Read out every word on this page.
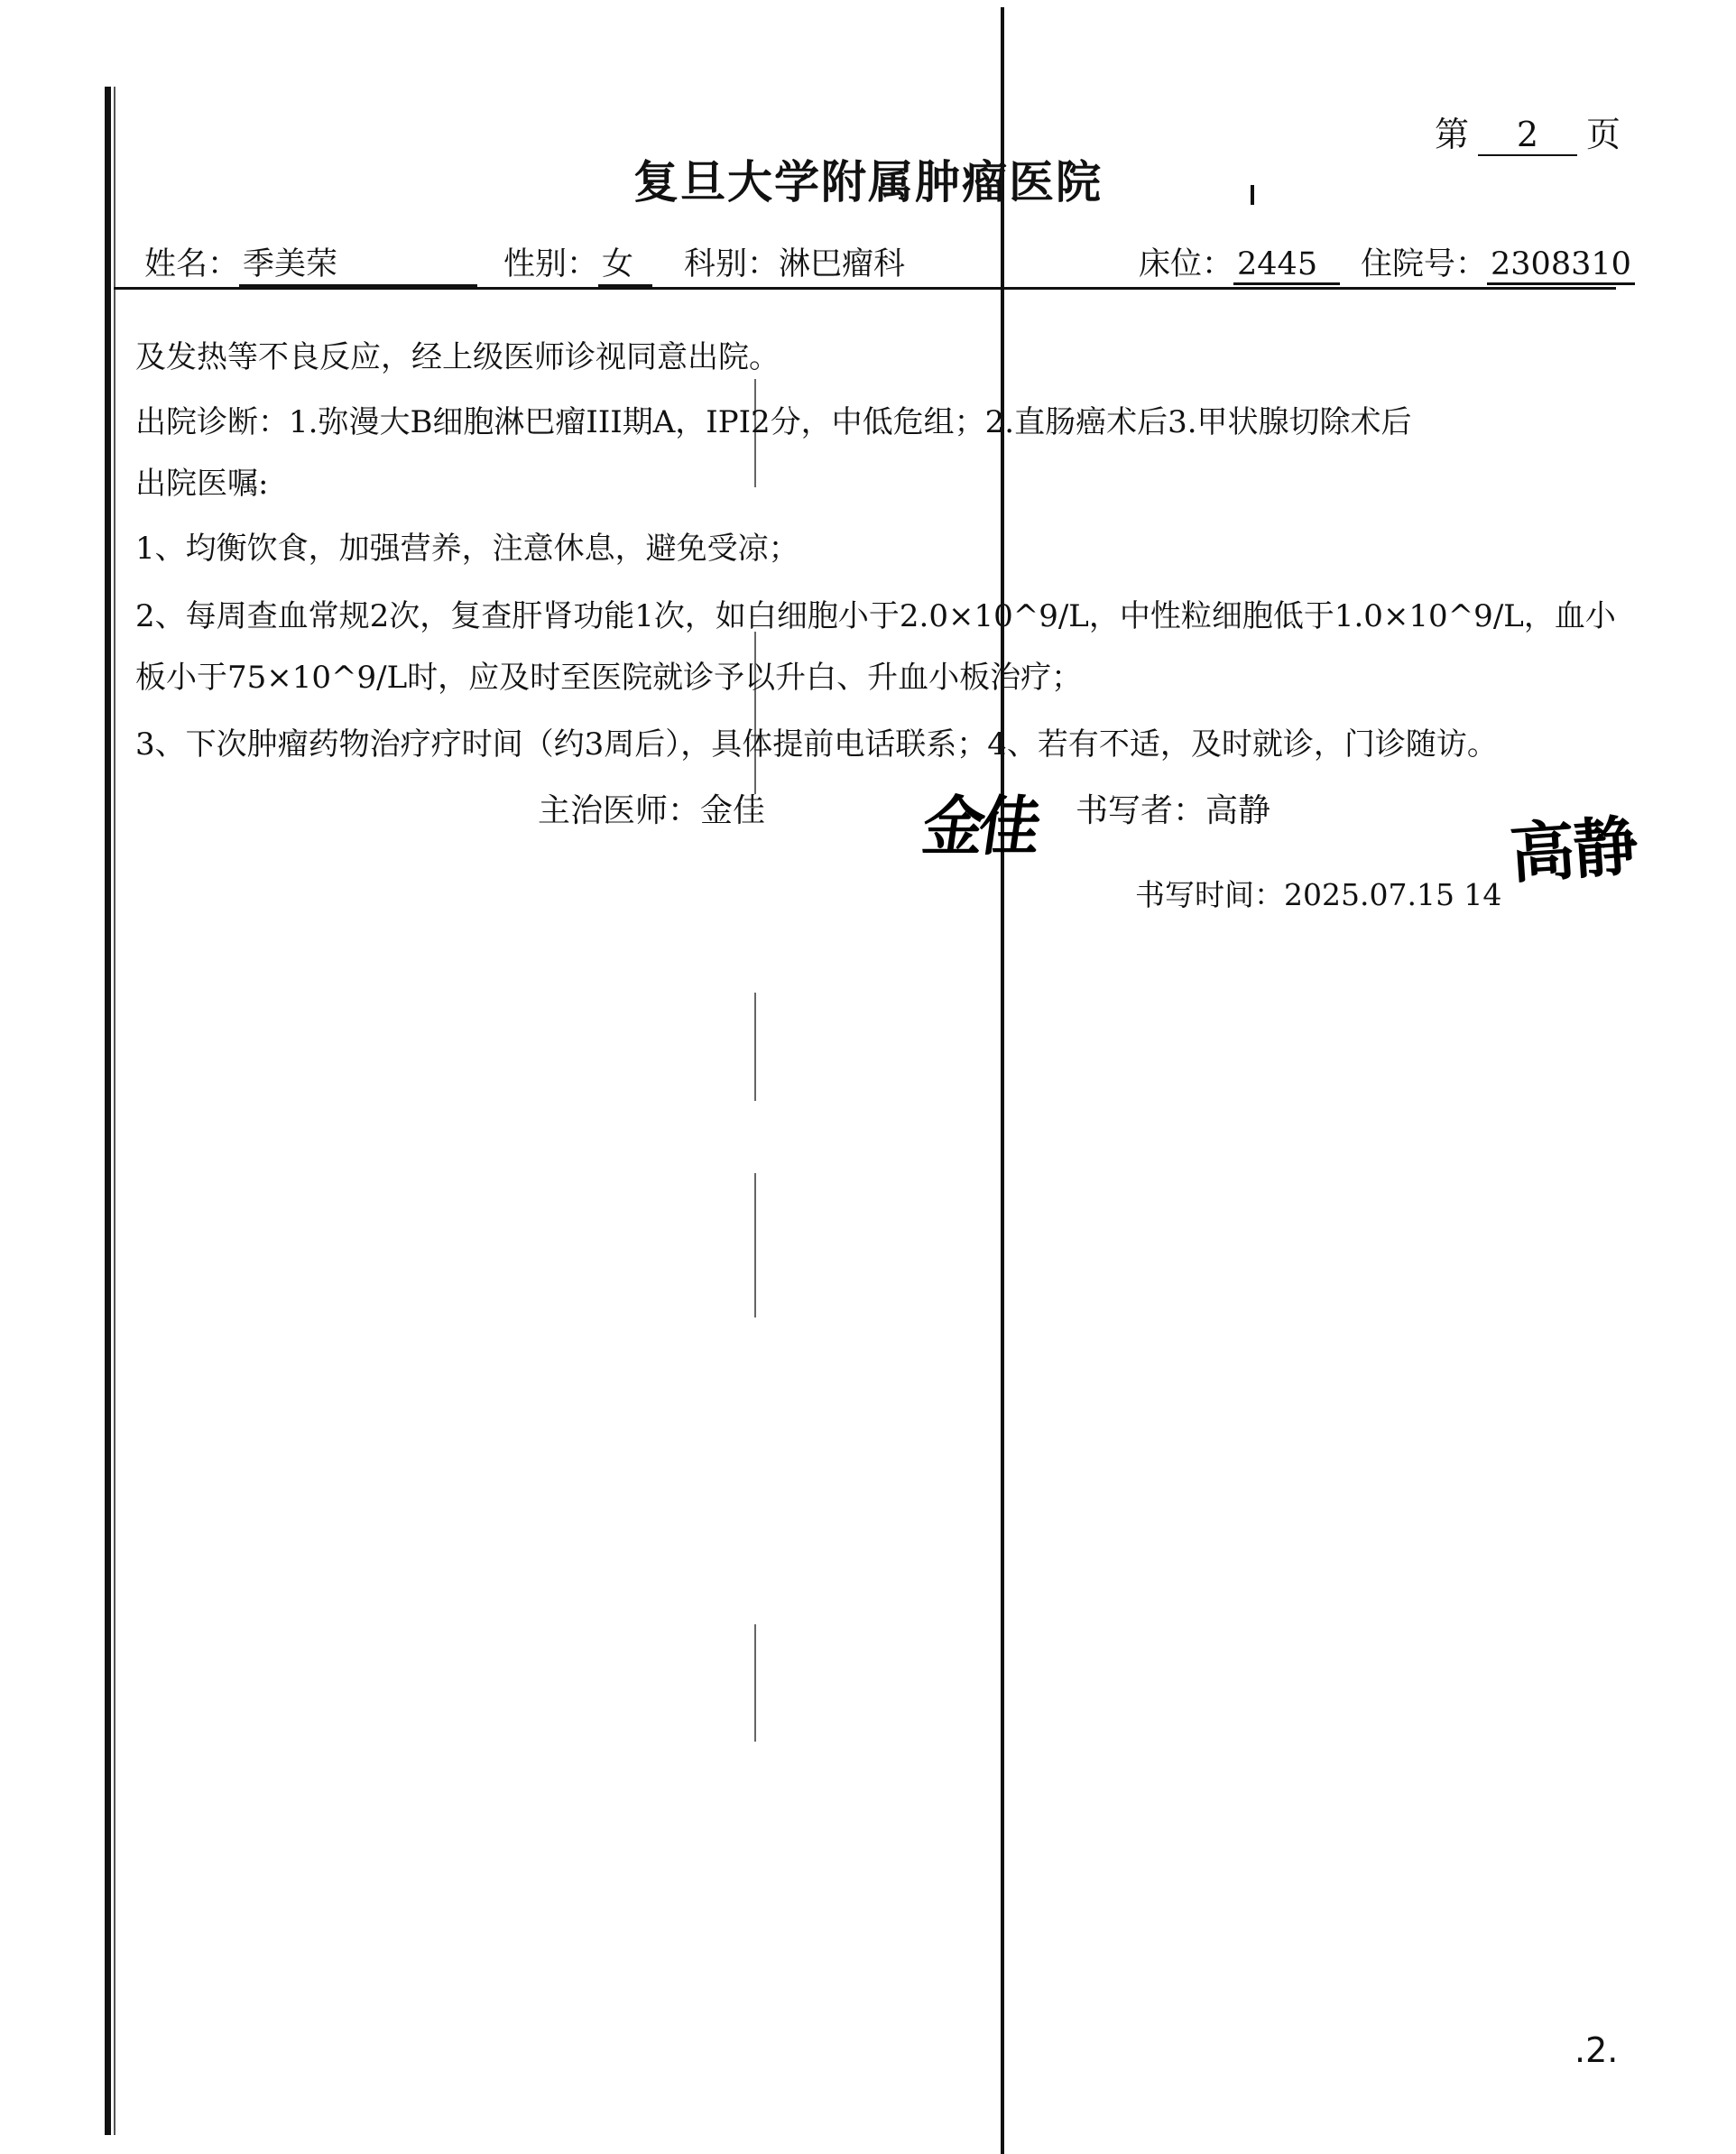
第	2	页
复旦大学附属肿瘤医院
姓名： 季美荣	性别： 女	科别：淋巴瘤科	床位： 2445	住院号： 2308310
及发热等不良反应，经上级医师诊视同意出院。
出院诊断：1.弥漫大B细胞淋巴瘤III期A，IPI2分，中低危组；2.直肠癌术后3.甲状腺切除术后
出院医嘱:
1、均衡饮食，加强营养，注意休息，避免受凉；
2、每周查血常规2次，复查肝肾功能1次，如白细胞小于2.0×10^9/L，中性粒细胞低于1.0×10^9/L，血小
板小于75×10^9/L时，应及时至医院就诊予以升白、升血小板治疗；
3、下次肿瘤药物治疗疗时间（约3周后），具体提前电话联系；4、若有不适，及时就诊，门诊随访。
主治医师：金佳 金佳 书写者：高静	高静
书写时间：2025.07.15 14
.2.
